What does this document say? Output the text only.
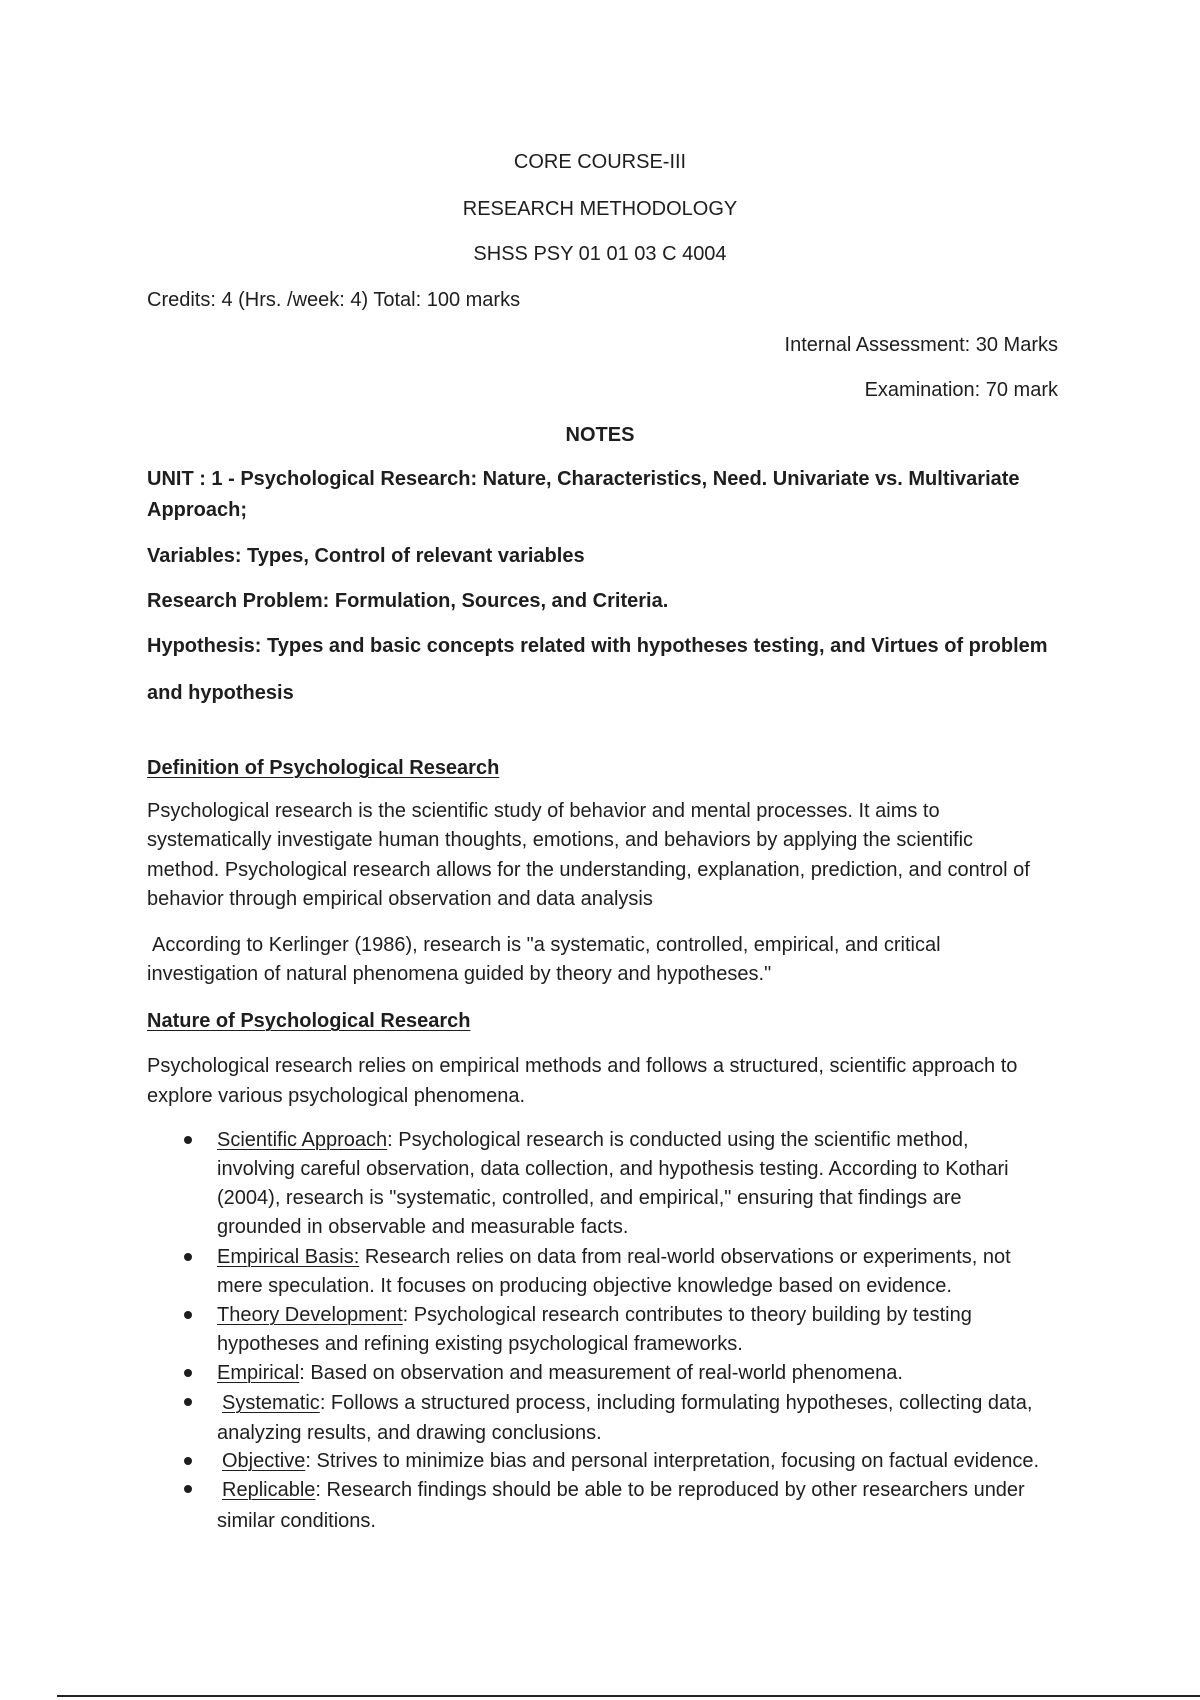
CORE COURSE-III
RESEARCH METHODOLOGY
SHSS PSY 01 01 03 C 4004
Credits: 4 (Hrs. /week: 4) Total: 100 marks
Internal Assessment: 30 Marks
Examination: 70 mark
NOTES
UNIT : 1 - Psychological Research: Nature, Characteristics, Need. Univariate vs. Multivariate
Approach;
Variables: Types, Control of relevant variables
Research Problem: Formulation, Sources, and Criteria.
Hypothesis: Types and basic concepts related with hypotheses testing, and Virtues of problem
and hypothesis
Definition of Psychological Research
Psychological research is the scientific study of behavior and mental processes. It aims to
systematically investigate human thoughts, emotions, and behaviors by applying the scientific
method. Psychological research allows for the understanding, explanation, prediction, and control of
behavior through empirical observation and data analysis
According to Kerlinger (1986), research is "a systematic, controlled, empirical, and critical
investigation of natural phenomena guided by theory and hypotheses."
Nature of Psychological Research
Psychological research relies on empirical methods and follows a structured, scientific approach to
explore various psychological phenomena.
Scientific Approach: Psychological research is conducted using the scientific method,
involving careful observation, data collection, and hypothesis testing. According to Kothari
(2004), research is "systematic, controlled, and empirical," ensuring that findings are
grounded in observable and measurable facts.
Empirical Basis: Research relies on data from real-world observations or experiments, not
mere speculation. It focuses on producing objective knowledge based on evidence.
Theory Development: Psychological research contributes to theory building by testing
hypotheses and refining existing psychological frameworks.
Empirical: Based on observation and measurement of real-world phenomena.
Systematic: Follows a structured process, including formulating hypotheses, collecting data,
analyzing results, and drawing conclusions.
Objective: Strives to minimize bias and personal interpretation, focusing on factual evidence.
Replicable: Research findings should be able to be reproduced by other researchers under
similar conditions.
